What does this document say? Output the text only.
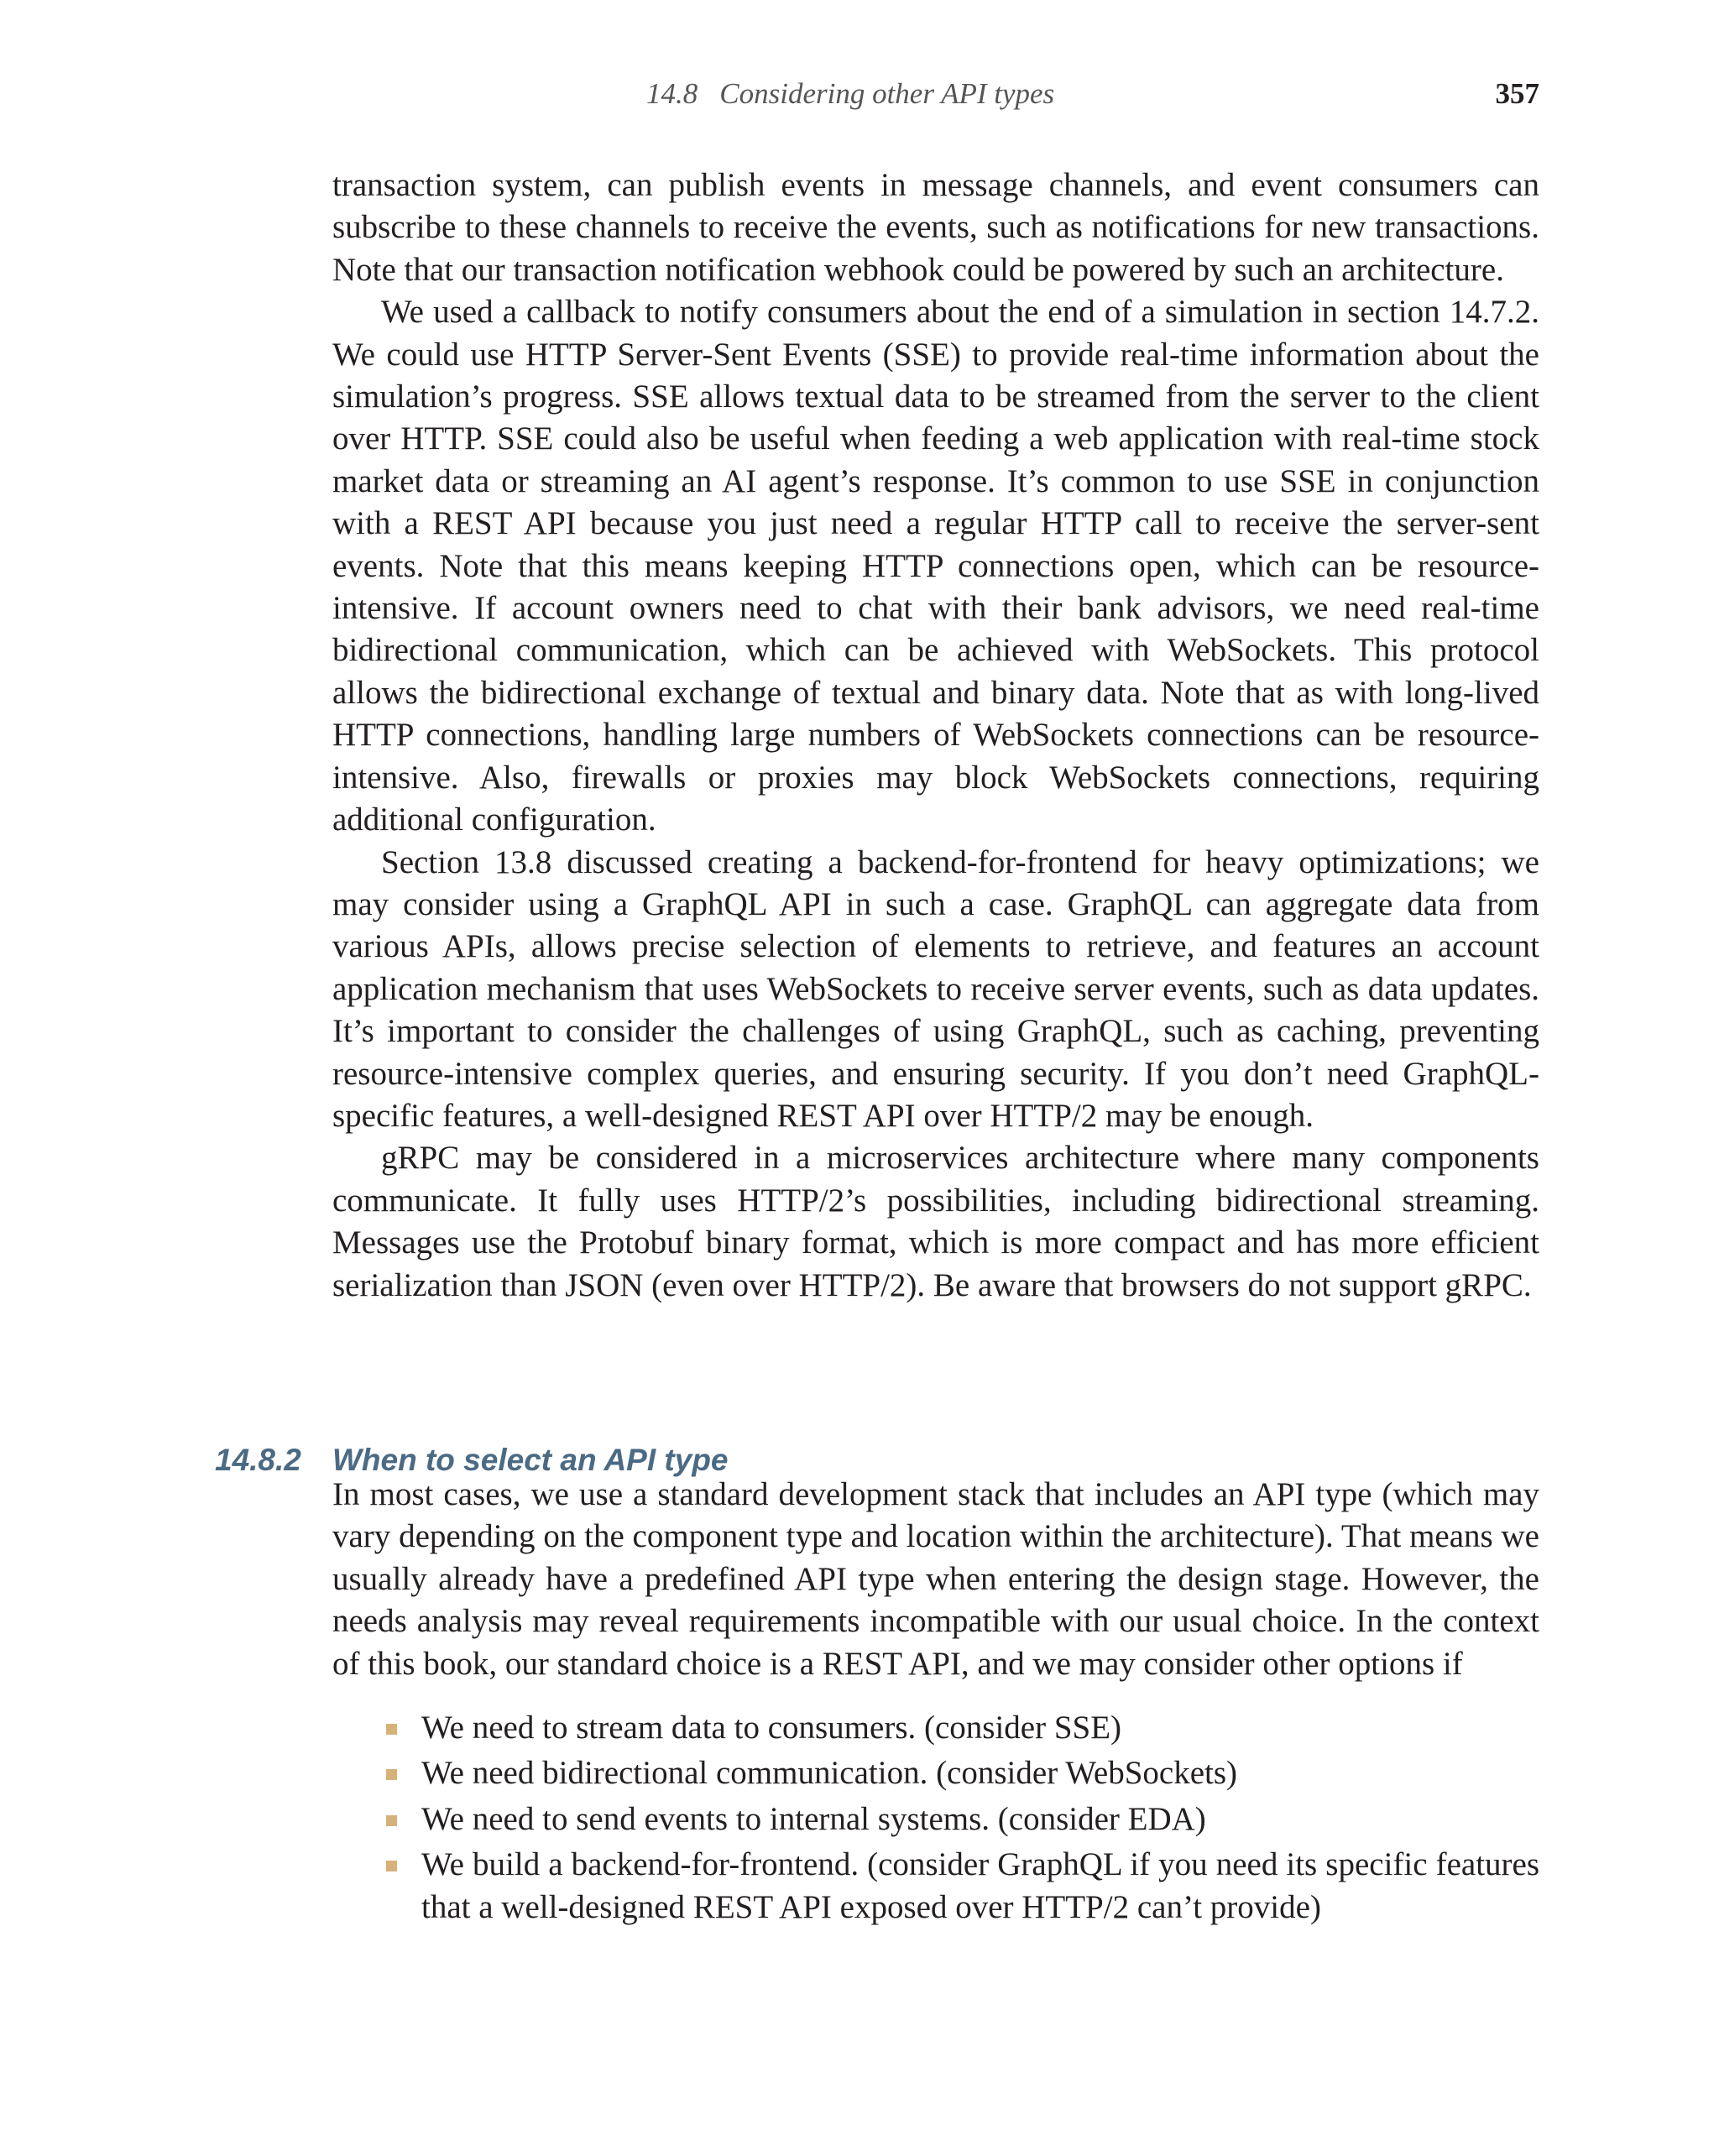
14.8 Considering other API types	357

transaction system, can publish events in message channels, and event consumers can subscribe to these channels to receive the events, such as notifications for new transactions. Note that our transaction notification webhook could be powered by such an architecture.

We used a callback to notify consumers about the end of a simulation in section 14.7.2. We could use HTTP Server-Sent Events (SSE) to provide real-time information about the simulation’s progress. SSE allows textual data to be streamed from the server to the client over HTTP. SSE could also be useful when feeding a web application with real-time stock market data or streaming an AI agent’s response. It’s common to use SSE in conjunction with a REST API because you just need a regular HTTP call to receive the server-sent events. Note that this means keeping HTTP connections open, which can be resource-intensive. If account owners need to chat with their bank advisors, we need real-time bidirectional communication, which can be achieved with WebSockets. This protocol allows the bidirectional exchange of textual and binary data. Note that as with long-lived HTTP connections, handling large numbers of WebSockets connections can be resource-intensive. Also, firewalls or proxies may block WebSockets connections, requiring additional configuration.

Section 13.8 discussed creating a backend-for-frontend for heavy optimizations; we may consider using a GraphQL API in such a case. GraphQL can aggregate data from various APIs, allows precise selection of elements to retrieve, and features an account application mechanism that uses WebSockets to receive server events, such as data updates. It’s important to consider the challenges of using GraphQL, such as caching, preventing resource-intensive complex queries, and ensuring security. If you don’t need GraphQL-specific features, a well-designed REST API over HTTP/2 may be enough.

gRPC may be considered in a microservices architecture where many components communicate. It fully uses HTTP/2’s possibilities, including bidirectional streaming. Messages use the Protobuf binary format, which is more compact and has more efficient serialization than JSON (even over HTTP/2). Be aware that browsers do not support gRPC.

14.8.2 When to select an API type

In most cases, we use a standard development stack that includes an API type (which may vary depending on the component type and location within the architecture). That means we usually already have a predefined API type when entering the design stage. However, the needs analysis may reveal requirements incompatible with our usual choice. In the context of this book, our standard choice is a REST API, and we may consider other options if

We need to stream data to consumers. (consider SSE)
We need bidirectional communication. (consider WebSockets)
We need to send events to internal systems. (consider EDA)
We build a backend-for-frontend. (consider GraphQL if you need its specific features that a well-designed REST API exposed over HTTP/2 can’t provide)
